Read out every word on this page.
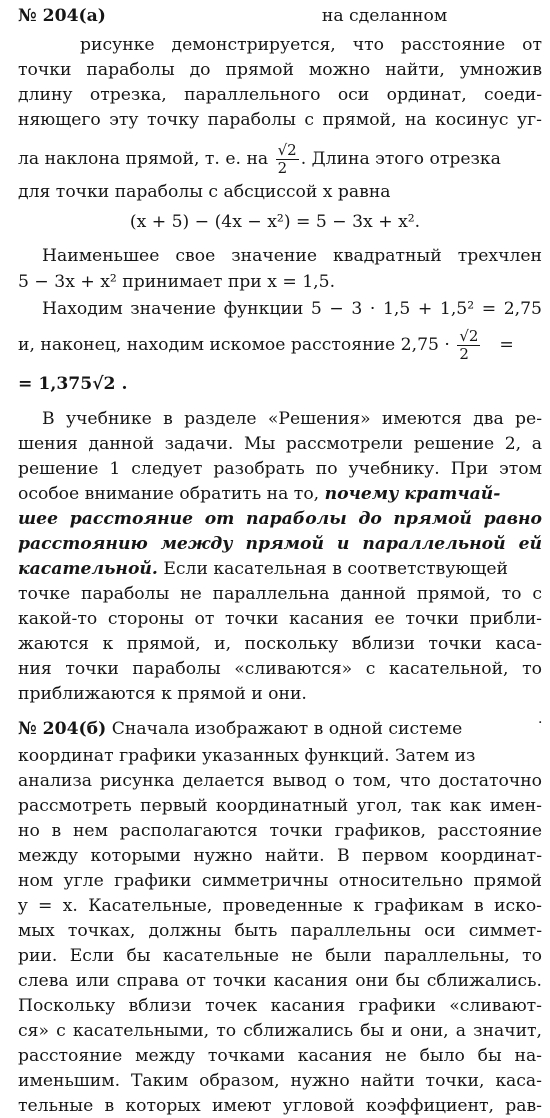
№ 204(а)	на сделанном
рисунке демонстрируется, что расстояние от
точки параболы до прямой можно найти, умножив
длину отрезка, параллельного оси ординат, соеди-
няющего эту точку параболы с прямой, на косинус уг-
ла наклона прямой, т. е. на $\frac{√2}{2}$ . Длина этого отрезка
для точки параболы с абсциссой x равна
(x + 5) − (4x − x²) = 5 − 3x + x².
Наименьшее свое значение квадратный трехчлен
5 − 3x + x² принимает при x = 1,5.
Находим значение функции 5 − 3 · 1,5 + 1,5² = 2,75
и, наконец, находим искомое расстояние $2,75 \cdot \frac{√2}{2}$ =
= 1,375√2 .
В учебнике в разделе «Решения» имеются два ре-
шения данной задачи. Мы рассмотрели решение 2, а
решение 1 следует разобрать по учебнику. При этом
особое внимание обратить на то, почему кратчай-
шее расстояние от параболы до прямой равно
расстоянию между прямой и параллельной ей
касательной. Если касательная в соответствующей
точке параболы не параллельна данной прямой, то с
какой-то стороны от точки касания ее точки прибли-
жаются к прямой, и, поскольку вблизи точки каса-
ния точки параболы «сливаются» с касательной, то
приближаются к прямой и они.
№ 204(б) Сначала изображают в одной системе
координат графики указанных функций. Затем из
·
анализа рисунка делается вывод о том, что достаточно
рассмотреть первый координатный угол, так как имен-
но в нем располагаются точки графиков, расстояние
между которыми нужно найти. В первом координат-
ном угле графики симметричны относительно прямой
y = x. Касательные, проведенные к графикам в иско-
мых точках, должны быть параллельны оси симмет-
рии. Если бы касательные не были параллельны, то
слева или справа от точки касания они бы сближались.
Поскольку вблизи точек касания графики «сливают-
ся» с касательными, то сближались бы и они, а значит,
расстояние между точками касания не было бы на-
именьшим. Таким образом, нужно найти точки, каса-
тельные в которых имеют угловой коэффициент, рав-
